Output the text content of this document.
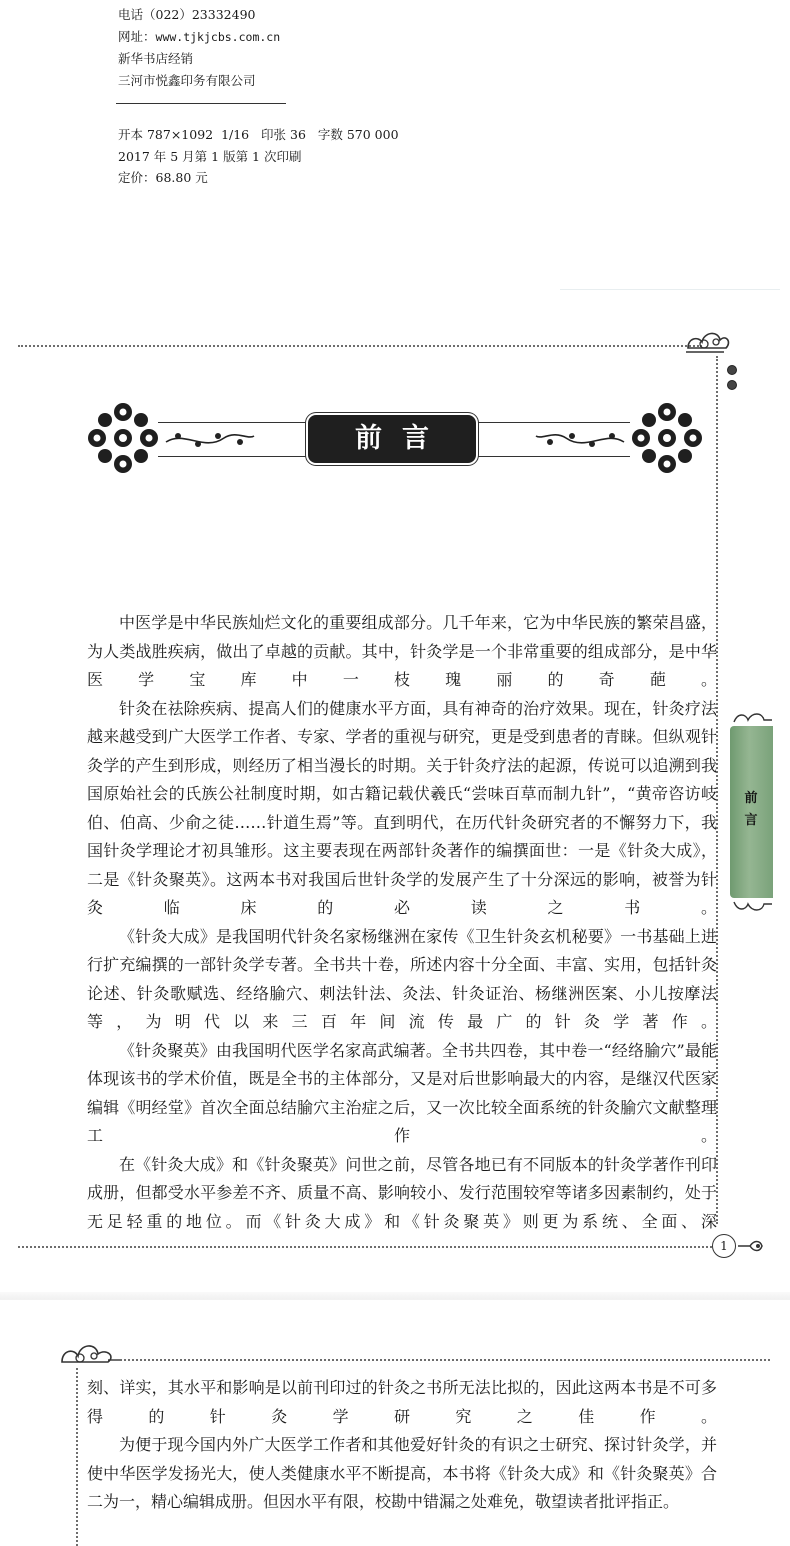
电话（022）23332490
网址：www.tjkjcbs.com.cn
新华书店经销
三河市悦鑫印务有限公司
开本 787×1092  1/16   印张 36   字数 570 000
2017 年 5 月第 1 版第 1 次印刷
定价：68.80 元
前言

中医学是中华民族灿烂文化的重要组成部分。几千年来，它为中华民族的繁荣昌盛，为人类战胜疾病，做出了卓越的贡献。其中，针灸学是一个非常重要的组成部分，是中华医学宝库中一枝瑰丽的奇葩。

针灸在祛除疾病、提高人们的健康水平方面，具有神奇的治疗效果。现在，针灸疗法越来越受到广大医学工作者、专家、学者的重视与研究，更是受到患者的青睐。但纵观针灸学的产生到形成，则经历了相当漫长的时期。关于针灸疗法的起源，传说可以追溯到我国原始社会的氏族公社制度时期，如古籍记载伏羲氏“尝味百草而制九针”，“黄帝咨访岐伯、伯高、少俞之徒……针道生焉”等。直到明代，在历代针灸研究者的不懈努力下，我国针灸学理论才初具雏形。这主要表现在两部针灸著作的编撰面世：一是《针灸大成》，二是《针灸聚英》。这两本书对我国后世针灸学的发展产生了十分深远的影响，被誉为针灸临床的必读之书。

《针灸大成》是我国明代针灸名家杨继洲在家传《卫生针灸玄机秘要》一书基础上进行扩充编撰的一部针灸学专著。全书共十卷，所述内容十分全面、丰富、实用，包括针灸论述、针灸歌赋选、经络腧穴、刺法针法、灸法、针灸证治、杨继洲医案、小儿按摩法等，为明代以来三百年间流传最广的针灸学著作。

《针灸聚英》由我国明代医学名家高武编著。全书共四卷，其中卷一“经络腧穴”最能体现该书的学术价值，既是全书的主体部分，又是对后世影响最大的内容，是继汉代医家编辑《明经堂》首次全面总结腧穴主治症之后，又一次比较全面系统的针灸腧穴文献整理工作。

在《针灸大成》和《针灸聚英》问世之前，尽管各地已有不同版本的针灸学著作刊印成册，但都受水平参差不齐、质量不高、影响较小、发行范围较窄等诸多因素制约，处于无足轻重的地位。而《针灸大成》和《针灸聚英》则更为系统、全面、深

前
言
1

刻、详实，其水平和影响是以前刊印过的针灸之书所无法比拟的，因此这两本书是不可多得的针灸学研究之佳作。

为便于现今国内外广大医学工作者和其他爱好针灸的有识之士研究、探讨针灸学，并使中华医学发扬光大，使人类健康水平不断提高，本书将《针灸大成》和《针灸聚英》合二为一，精心编辑成册。但因水平有限，校勘中错漏之处难免，敬望读者批评指正。
